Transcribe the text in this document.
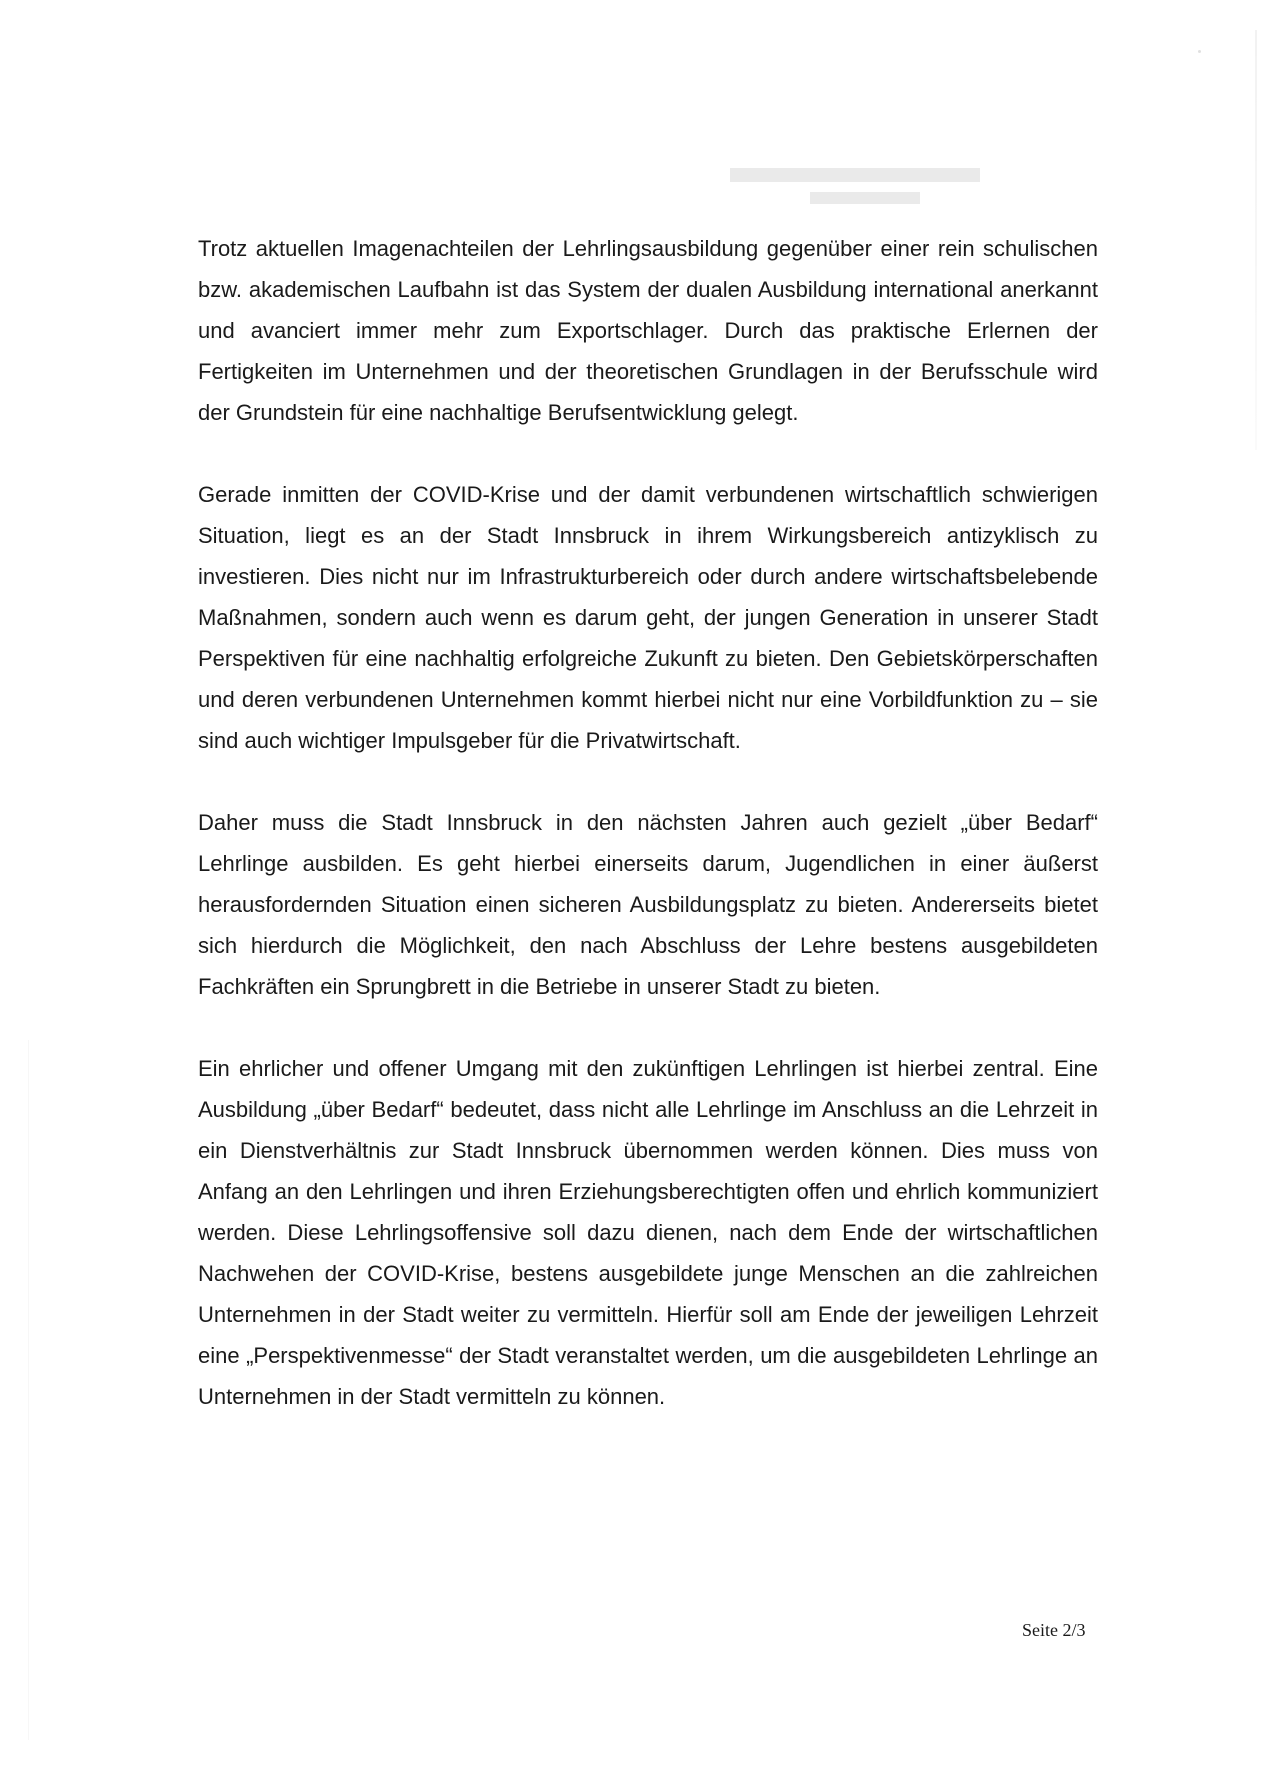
Trotz aktuellen Imagenachteilen der Lehrlingsausbildung gegenüber einer rein schulischen bzw. akademischen Laufbahn ist das System der dualen Ausbildung international anerkannt und avanciert immer mehr zum Exportschlager. Durch das praktische Erlernen der Fertigkeiten im Unternehmen und der theoretischen Grundlagen in der Berufsschule wird der Grundstein für eine nachhaltige Berufsentwicklung gelegt.

Gerade inmitten der COVID-Krise und der damit verbundenen wirtschaftlich schwierigen Situation, liegt es an der Stadt Innsbruck in ihrem Wirkungsbereich antizyklisch zu investieren. Dies nicht nur im Infrastrukturbereich oder durch andere wirtschaftsbelebende Maßnahmen, sondern auch wenn es darum geht, der jungen Generation in unserer Stadt Perspektiven für eine nachhaltig erfolgreiche Zukunft zu bieten. Den Gebietskörperschaften und deren verbundenen Unternehmen kommt hierbei nicht nur eine Vorbildfunktion zu – sie sind auch wichtiger Impulsgeber für die Privatwirtschaft.

Daher muss die Stadt Innsbruck in den nächsten Jahren auch gezielt „über Bedarf“ Lehrlinge ausbilden. Es geht hierbei einerseits darum, Jugendlichen in einer äußerst herausfordernden Situation einen sicheren Ausbildungsplatz zu bieten. Andererseits bietet sich hierdurch die Möglichkeit, den nach Abschluss der Lehre bestens ausgebildeten Fachkräften ein Sprungbrett in die Betriebe in unserer Stadt zu bieten.

Ein ehrlicher und offener Umgang mit den zukünftigen Lehrlingen ist hierbei zentral. Eine Ausbildung „über Bedarf“ bedeutet, dass nicht alle Lehrlinge im Anschluss an die Lehrzeit in ein Dienstverhältnis zur Stadt Innsbruck übernommen werden können. Dies muss von Anfang an den Lehrlingen und ihren Erziehungsberechtigten offen und ehrlich kommuniziert werden. Diese Lehrlingsoffensive soll dazu dienen, nach dem Ende der wirtschaftlichen Nachwehen der COVID-Krise, bestens ausgebildete junge Menschen an die zahlreichen Unternehmen in der Stadt weiter zu vermitteln. Hierfür soll am Ende der jeweiligen Lehrzeit eine „Perspektivenmesse“ der Stadt veranstaltet werden, um die ausgebildeten Lehrlinge an Unternehmen in der Stadt vermitteln zu können.

Seite 2/3
